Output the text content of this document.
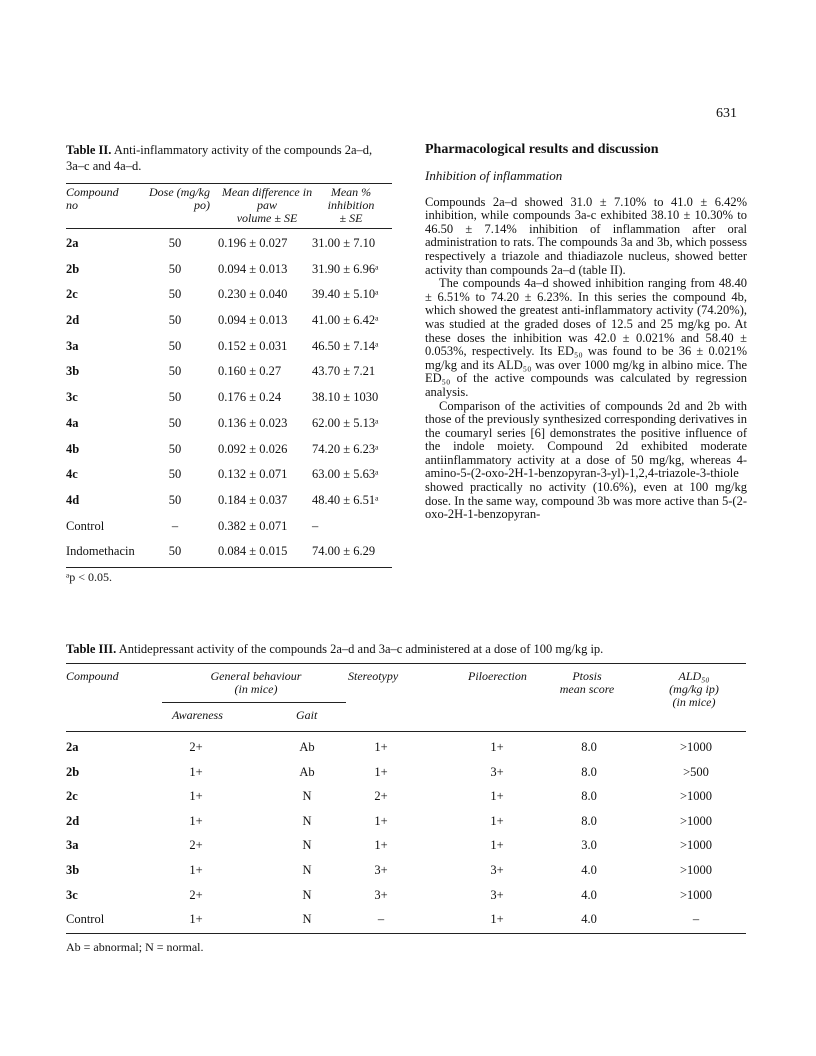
631
Table II. Anti-inflammatory activity of the compounds 2a–d, 3a–c and 4a–d.
Compound
no
Dose (mg/kg
po)
Mean difference in
paw
volume ± SE
Mean %
inhibition
± SE
2a	50	0.196 ± 0.027 31.00 ± 7.10
2b	50	0.094 ± 0.013 31.90 ± 6.96ᵃ
2c	50	0.230 ± 0.040 39.40 ± 5.10ᵃ
2d	50	0.094 ± 0.013 41.00 ± 6.42ᵃ
3a	50	0.152 ± 0.031 46.50 ± 7.14ᵃ
3b	50	0.160 ± 0.27 43.70 ± 7.21
3c	50	0.176 ± 0.24 38.10 ± 1030
4a	50	0.136 ± 0.023 62.00 ± 5.13ᵃ
4b	50	0.092 ± 0.026 74.20 ± 6.23ᵃ
4c	50	0.132 ± 0.071 63.00 ± 5.63ᵃ
4d	50	0.184 ± 0.037 48.40 ± 6.51ᵃ
Control	–	0.382 ± 0.071 –
Indomethacin	50	0.084 ± 0.015 74.00 ± 6.29
ᵃp < 0.05.
Pharmacological results and discussion
Inhibition of inflammation

Compounds 2a–d showed 31.0 ± 7.10% to 41.0 ± 6.42% inhibition, while compounds 3a-c exhibited 38.10 ± 10.30% to 46.50 ± 7.14% inhibition of inflammation after oral administration to rats. The compounds 3a and 3b, which possess respectively a triazole and thiadiazole nucleus, showed better activity than compounds 2a–d (table II).

The compounds 4a–d showed inhibition ranging from 48.40 ± 6.51% to 74.20 ± 6.23%. In this series the compound 4b, which showed the greatest anti-inflammatory activity (74.20%), was studied at the graded doses of 12.5 and 25 mg/kg po. At these doses the inhibition was 42.0 ± 0.021% and 58.40 ± 0.053%, respectively. Its ED₅₀ was found to be 36 ± 0.021% mg/kg and its ALD₅₀ was over 1000 mg/kg in albino mice. The ED₅₀ of the active compounds was calculated by regression analysis.

Comparison of the activities of compounds 2d and 2b with those of the previously synthesized corresponding derivatives in the coumaryl series [6] demonstrates the positive influence of the indole moiety. Compound 2d exhibited moderate antiinflammatory activity at a dose of 50 mg/kg, whereas 4-amino-5-(2-oxo-2H-1-benzopyran-3-yl)-1,2,4-triazole-3-thiole showed practically no activity (10.6%), even at 100 mg/kg dose. In the same way, compound 3b was more active than 5-(2-oxo-2H-1-benzopyran-

Table III. Antidepressant activity of the compounds 2a–d and 3a–c administered at a dose of 100 mg/kg ip.
Compound	General behaviour
(in mice)
Awareness	Gait
Stereotypy	Piloerection	Ptosis
mean score
ALD₅₀
(mg/kg ip)
(in mice)
2a	2+	Ab	1+	1+	8.0	>1000
2b	1+	Ab	1+	3+	8.0	>500
2c	1+	N	2+	1+	8.0	>1000
2d	1+	N	1+	1+	8.0	>1000
3a	2+	N	1+	1+	3.0	>1000
3b	1+	N	3+	3+	4.0	>1000
3c	2+	N	3+	3+	4.0	>1000
Control	1+	N	–	1+	4.0	–
Ab = abnormal; N = normal.
